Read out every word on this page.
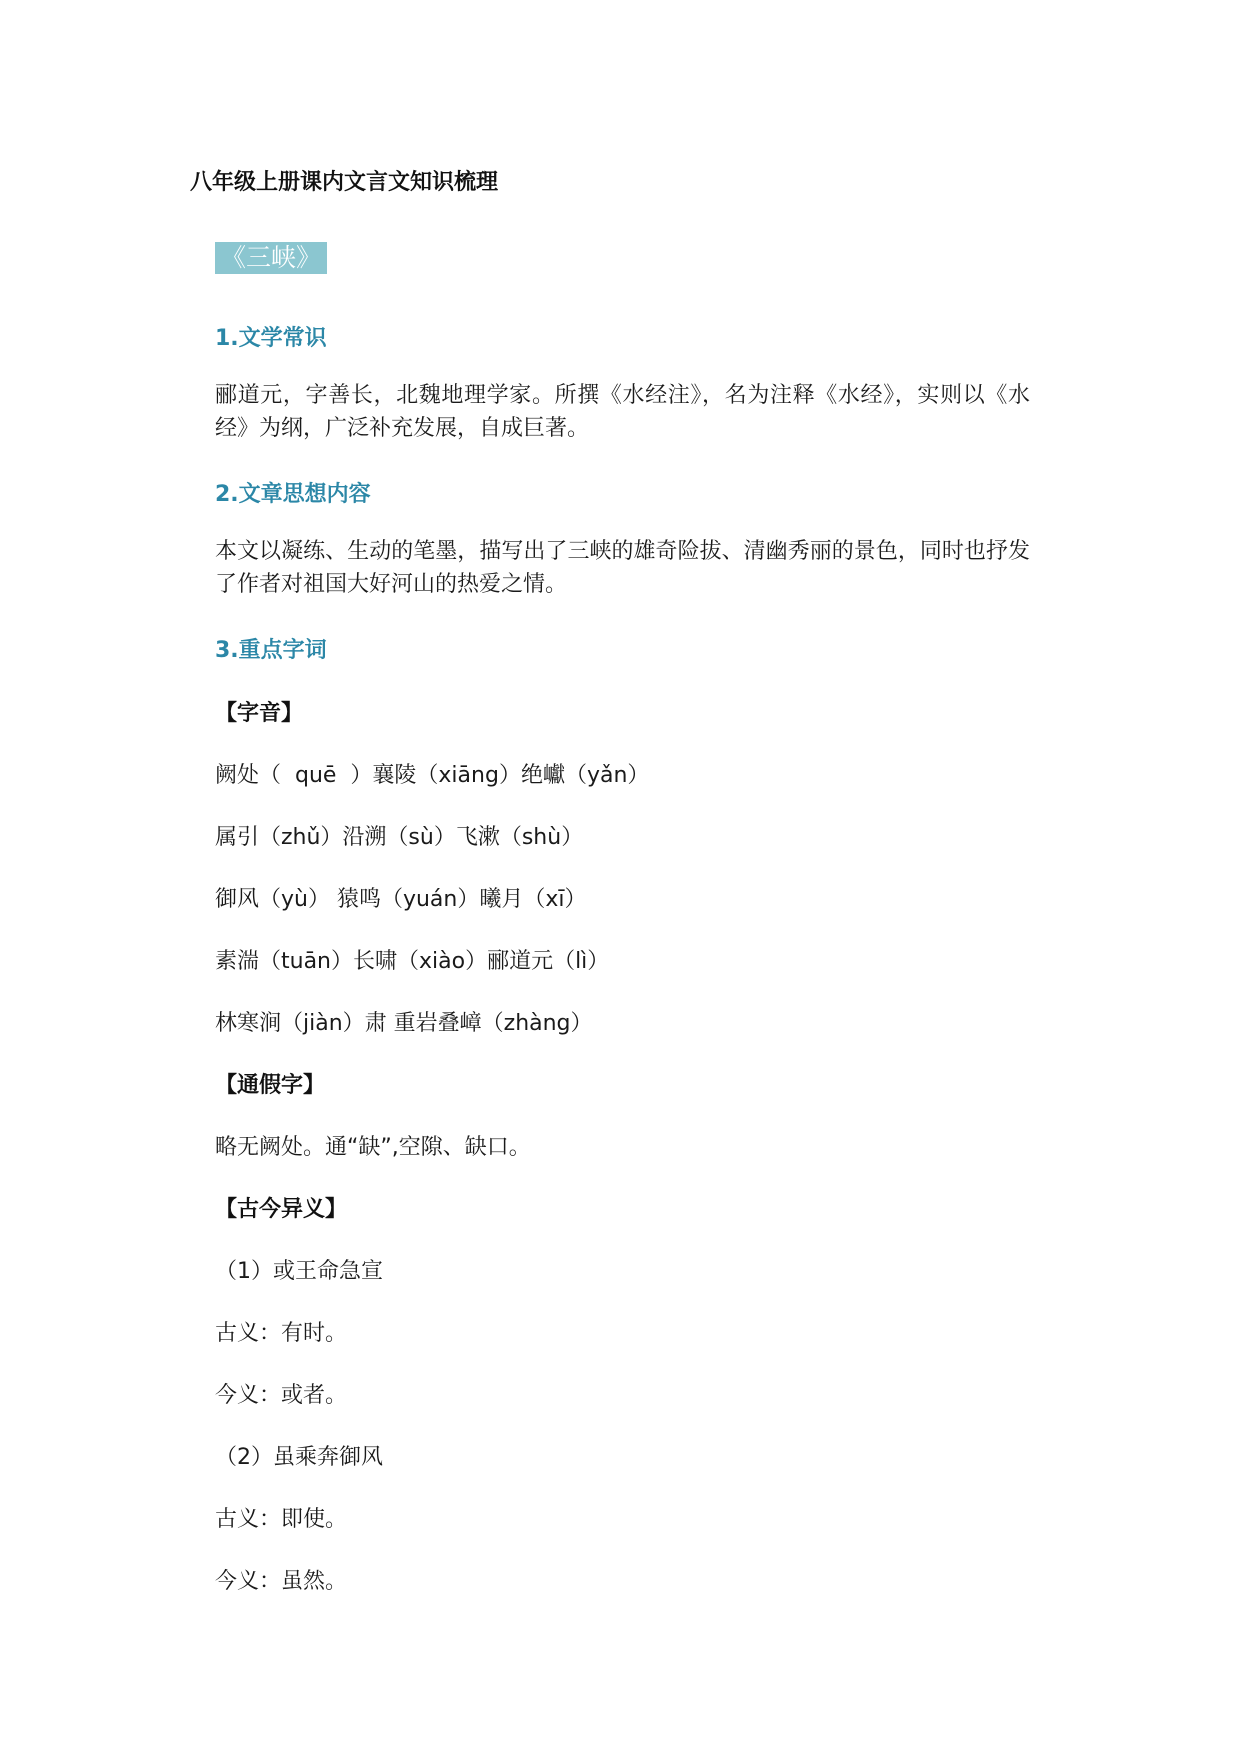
八年级上册课内文言文知识梳理
《三峡》
1.文学常识
郦道元，字善长，北魏地理学家。所撰《水经注》，名为注释《水经》，实则以《水经》为纲，广泛补充发展，自成巨著。
2.文章思想内容
本文以凝练、生动的笔墨，描写出了三峡的雄奇险拔、清幽秀丽的景色，同时也抒发了作者对祖国大好河山的热爱之情。
3.重点字词
【字音】
阙处（  quē  ）襄陵（xiāng）绝巘（yǎn）
属引（zhǔ）沿溯（sù）飞漱（shù）
御风（yù） 猿鸣（yuán）曦月（xī）
素湍（tuān）长啸（xiào）郦道元（lì）
林寒涧（jiàn）肃 重岩叠嶂（zhàng）
【通假字】
略无阙处。通“缺”,空隙、缺口。
【古今异义】
（1）或王命急宣
古义：有时。
今义：或者。
（2）虽乘奔御风
古义：即使。
今义：虽然。
